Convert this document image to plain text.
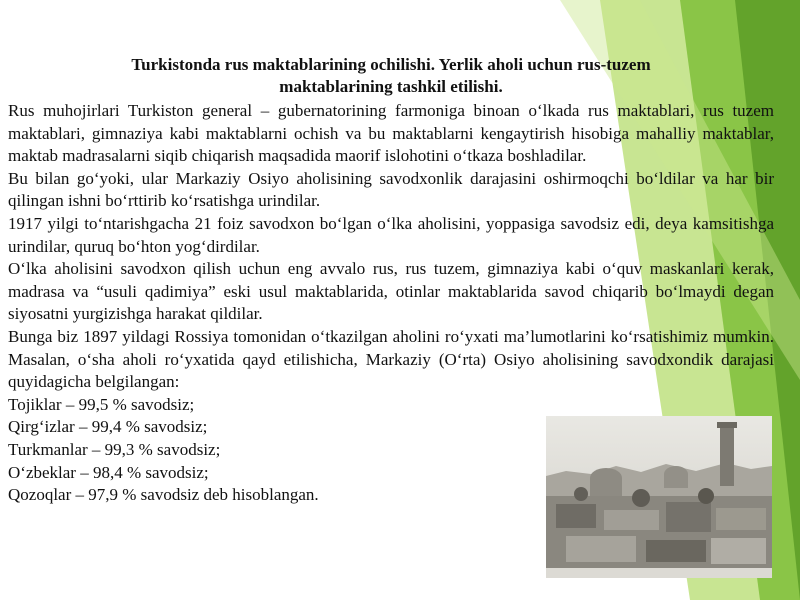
Turkistonda rus maktablarining ochilishi. Yerlik aholi uchun rus-tuzem
maktablarining tashkil etilishi.

Rus muhojirlari Turkiston general – gubernatorining farmoniga binoan o‘lkada rus maktablari, rus tuzem maktablari, gimnaziya kabi maktablarni ochish va bu maktablarni kengaytirish hisobiga mahalliy maktablar, maktab madrasalarni siqib chiqarish maqsadida maorif islohotini o‘tkaza boshladilar.

Bu bilan go‘yoki, ular Markaziy Osiyo aholisining savodxonlik darajasini oshirmoqchi bo‘ldilar va har bir qilingan ishni bo‘rttirib ko‘rsatishga urindilar.

1917 yilgi to‘ntarishgacha 21 foiz savodxon bo‘lgan o‘lka aholisini, yoppasiga savodsiz edi, deya kamsitishga urindilar, quruq bo‘hton yog‘dirdilar.

O‘lka aholisini savodxon qilish uchun eng avvalo rus, rus tuzem, gimnaziya kabi o‘quv maskanlari kerak, madrasa va “usuli qadimiya” eski usul maktablarida, otinlar maktablarida savod chiqarib bo‘lmaydi degan siyosatni yurgizishga harakat qildilar.

Bunga biz 1897 yildagi Rossiya tomonidan o‘tkazilgan aholini ro‘yxati ma’lumotlarini ko‘rsatishimiz mumkin. Masalan, o‘sha aholi ro‘yxatida qayd etilishicha, Markaziy (O‘rta) Osiyo aholisining savodxondik darajasi quyidagicha belgilangan:

Tojiklar – 99,5 % savodsiz;

Qirg‘izlar – 99,4 % savodsiz;

Turkmanlar – 99,3 % savodsiz;

O‘zbeklar – 98,4 % savodsiz;

Qozoqlar – 97,9 % savodsiz deb hisoblangan.
